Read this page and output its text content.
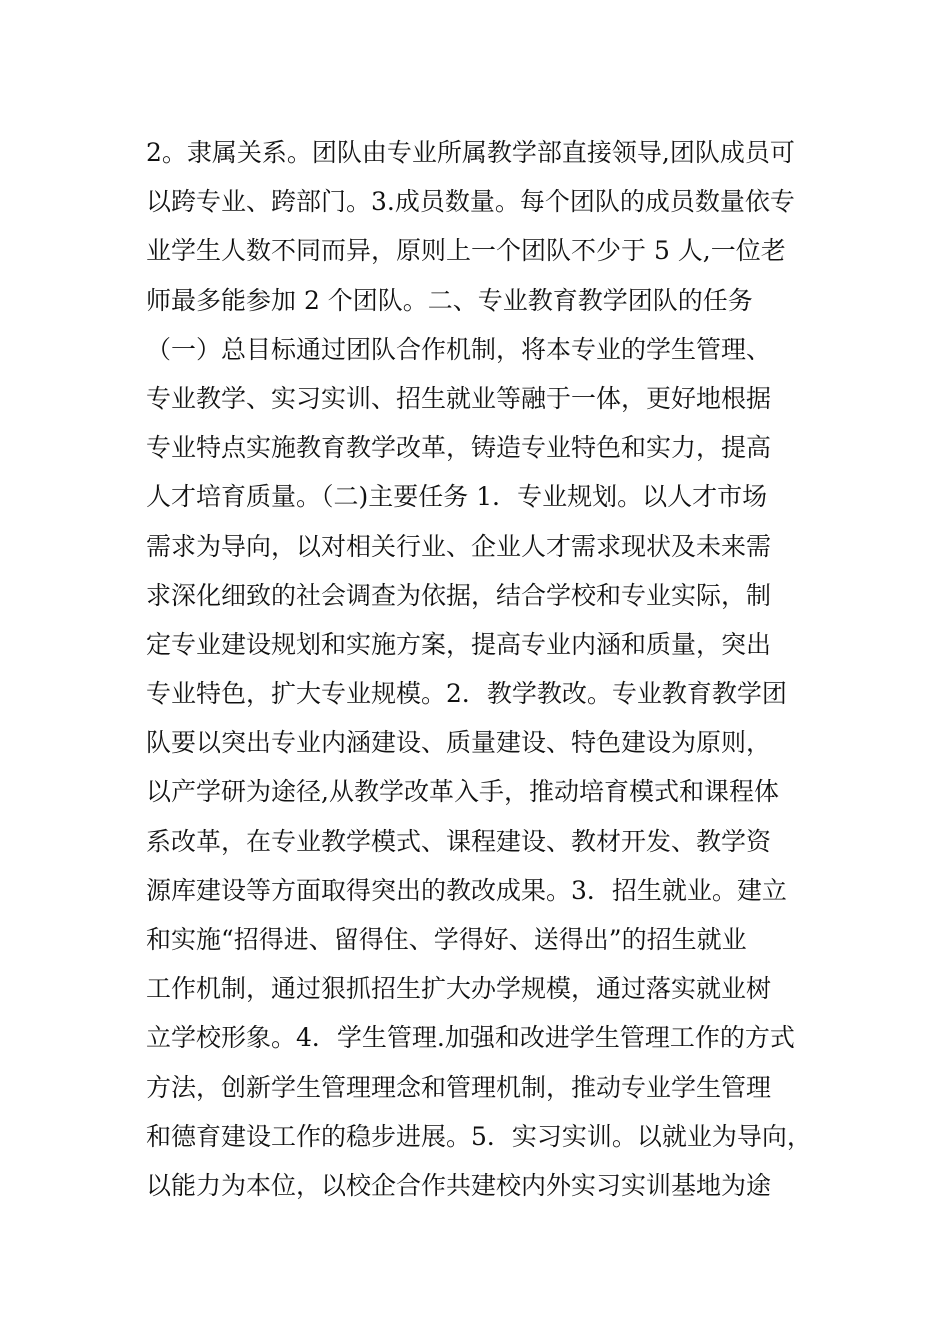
2。隶属关系。团队由专业所属教学部直接领导,团队成员可
以跨专业、跨部门。3.成员数量。每个团队的成员数量依专
业学生人数不同而异，原则上一个团队不少于 5 人,一位老
师最多能参加 2 个团队。二、专业教育教学团队的任务
（一）总目标通过团队合作机制，将本专业的学生管理、
专业教学、实习实训、招生就业等融于一体，更好地根据
专业特点实施教育教学改革，铸造专业特色和实力，提高
人才培育质量。（二)主要任务 1．专业规划。以人才市场
需求为导向，以对相关行业、企业人才需求现状及未来需
求深化细致的社会调查为依据，结合学校和专业实际，制
定专业建设规划和实施方案，提高专业内涵和质量，突出
专业特色，扩大专业规模。2．教学教改。专业教育教学团
队要以突出专业内涵建设、质量建设、特色建设为原则，
以产学研为途径,从教学改革入手，推动培育模式和课程体
系改革，在专业教学模式、课程建设、教材开发、教学资
源库建设等方面取得突出的教改成果。3．招生就业。建立
和实施“招得进、留得住、学得好、送得出”的招生就业
工作机制，通过狠抓招生扩大办学规模，通过落实就业树
立学校形象。4．学生管理.加强和改进学生管理工作的方式
方法，创新学生管理理念和管理机制，推动专业学生管理
和德育建设工作的稳步进展。5．实习实训。以就业为导向，
以能力为本位，以校企合作共建校内外实习实训基地为途
